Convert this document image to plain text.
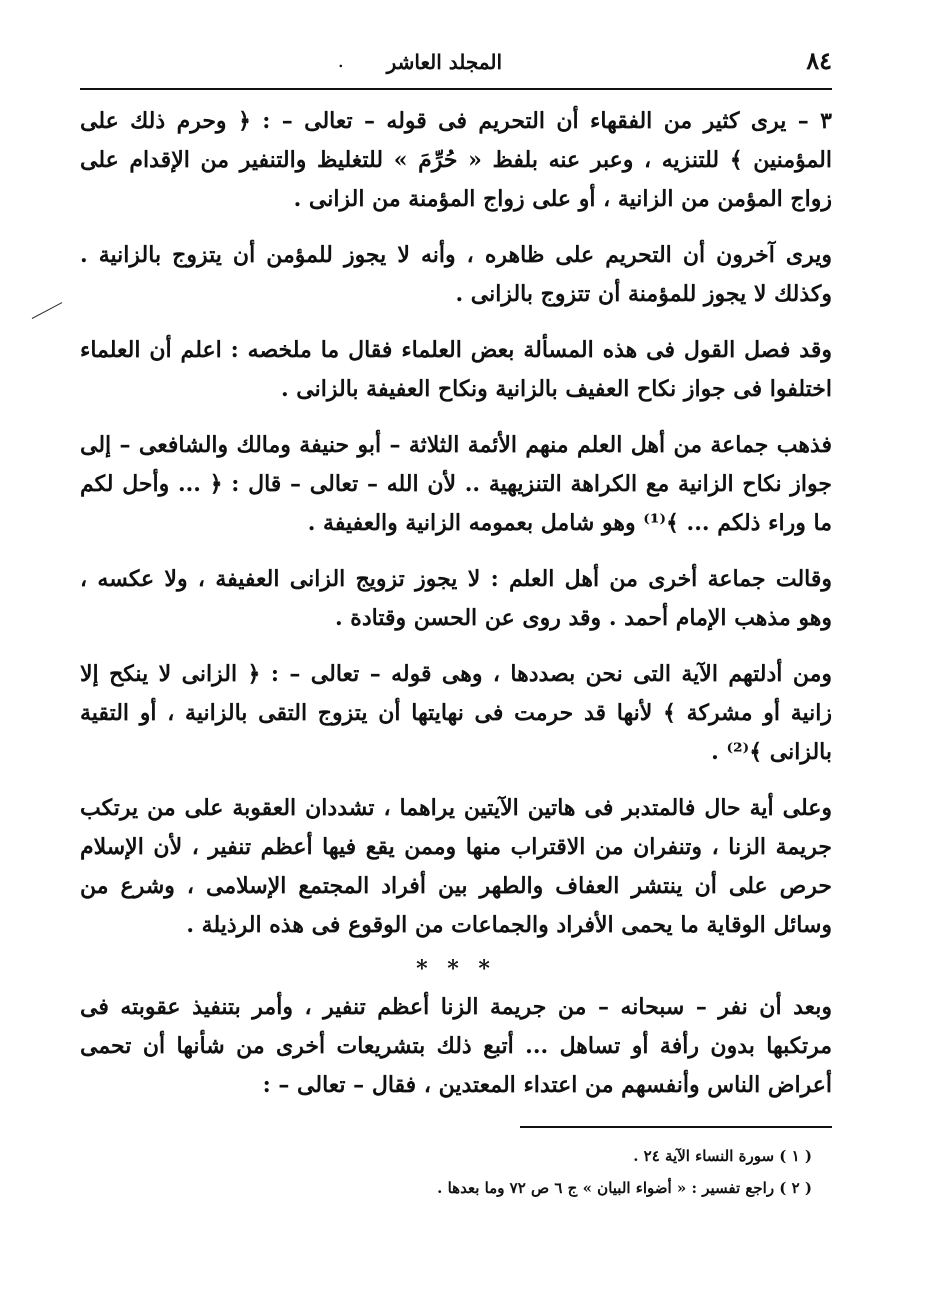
٨٤
المجلد العاشر
.
٣ – يرى كثير من الفقهاء أن التحريم فى قوله – تعالى – : ﴿ وحرم ذلك على المؤمنين ﴾ للتنزيه ، وعبر عنه بلفظ « حُرِّمَ » للتغليظ والتنفير من الإقدام على زواج المؤمن من الزانية ، أو على زواج المؤمنة من الزانى .
ويرى آخرون أن التحريم على ظاهره ، وأنه لا يجوز للمؤمن أن يتزوج بالزانية . وكذلك لا يجوز للمؤمنة أن تتزوج بالزانى .
وقد فصل القول فى هذه المسألة بعض العلماء فقال ما ملخصه : اعلم أن العلماء اختلفوا فى جواز نكاح العفيف بالزانية ونكاح العفيفة بالزانى .
فذهب جماعة من أهل العلم منهم الأئمة الثلاثة – أبو حنيفة ومالك والشافعى – إلى جواز نكاح الزانية مع الكراهة التنزيهية .. لأن الله – تعالى – قال : ﴿ ... وأحل لكم ما وراء ذلكم ... ﴾⁽¹⁾ وهو شامل بعمومه الزانية والعفيفة .
وقالت جماعة أخرى من أهل العلم : لا يجوز تزويج الزانى العفيفة ، ولا عكسه ، وهو مذهب الإمام أحمد . وقد روى عن الحسن وقتادة .
ومن أدلتهم الآية التى نحن بصددها ، وهى قوله – تعالى – : ﴿ الزانى لا ينكح إلا زانية أو مشركة ﴾ لأنها قد حرمت فى نهايتها أن يتزوج التقى بالزانية ، أو التقية بالزانى ﴾⁽²⁾ .
وعلى أية حال فالمتدبر فى هاتين الآيتين يراهما ، تشددان العقوبة على من يرتكب جريمة الزنا ، وتنفران من الاقتراب منها وممن يقع فيها أعظم تنفير ، لأن الإسلام حرص على أن ينتشر العفاف والطهر بين أفراد المجتمع الإسلامى ، وشرع من وسائل الوقاية ما يحمى الأفراد والجماعات من الوقوع فى هذه الرذيلة .
* * *
وبعد أن نفر – سبحانه – من جريمة الزنا أعظم تنفير ، وأمر بتنفيذ عقوبته فى مرتكبها بدون رأفة أو تساهل ... أتبع ذلك بتشريعات أخرى من شأنها أن تحمى أعراض الناس وأنفسهم من اعتداء المعتدين ، فقال – تعالى – :

( ١ ) سورة النساء الآية ٢٤ .

( ٢ ) راجع تفسير : « أضواء البيان » ج ٦ ص ٧٢ وما بعدها .
